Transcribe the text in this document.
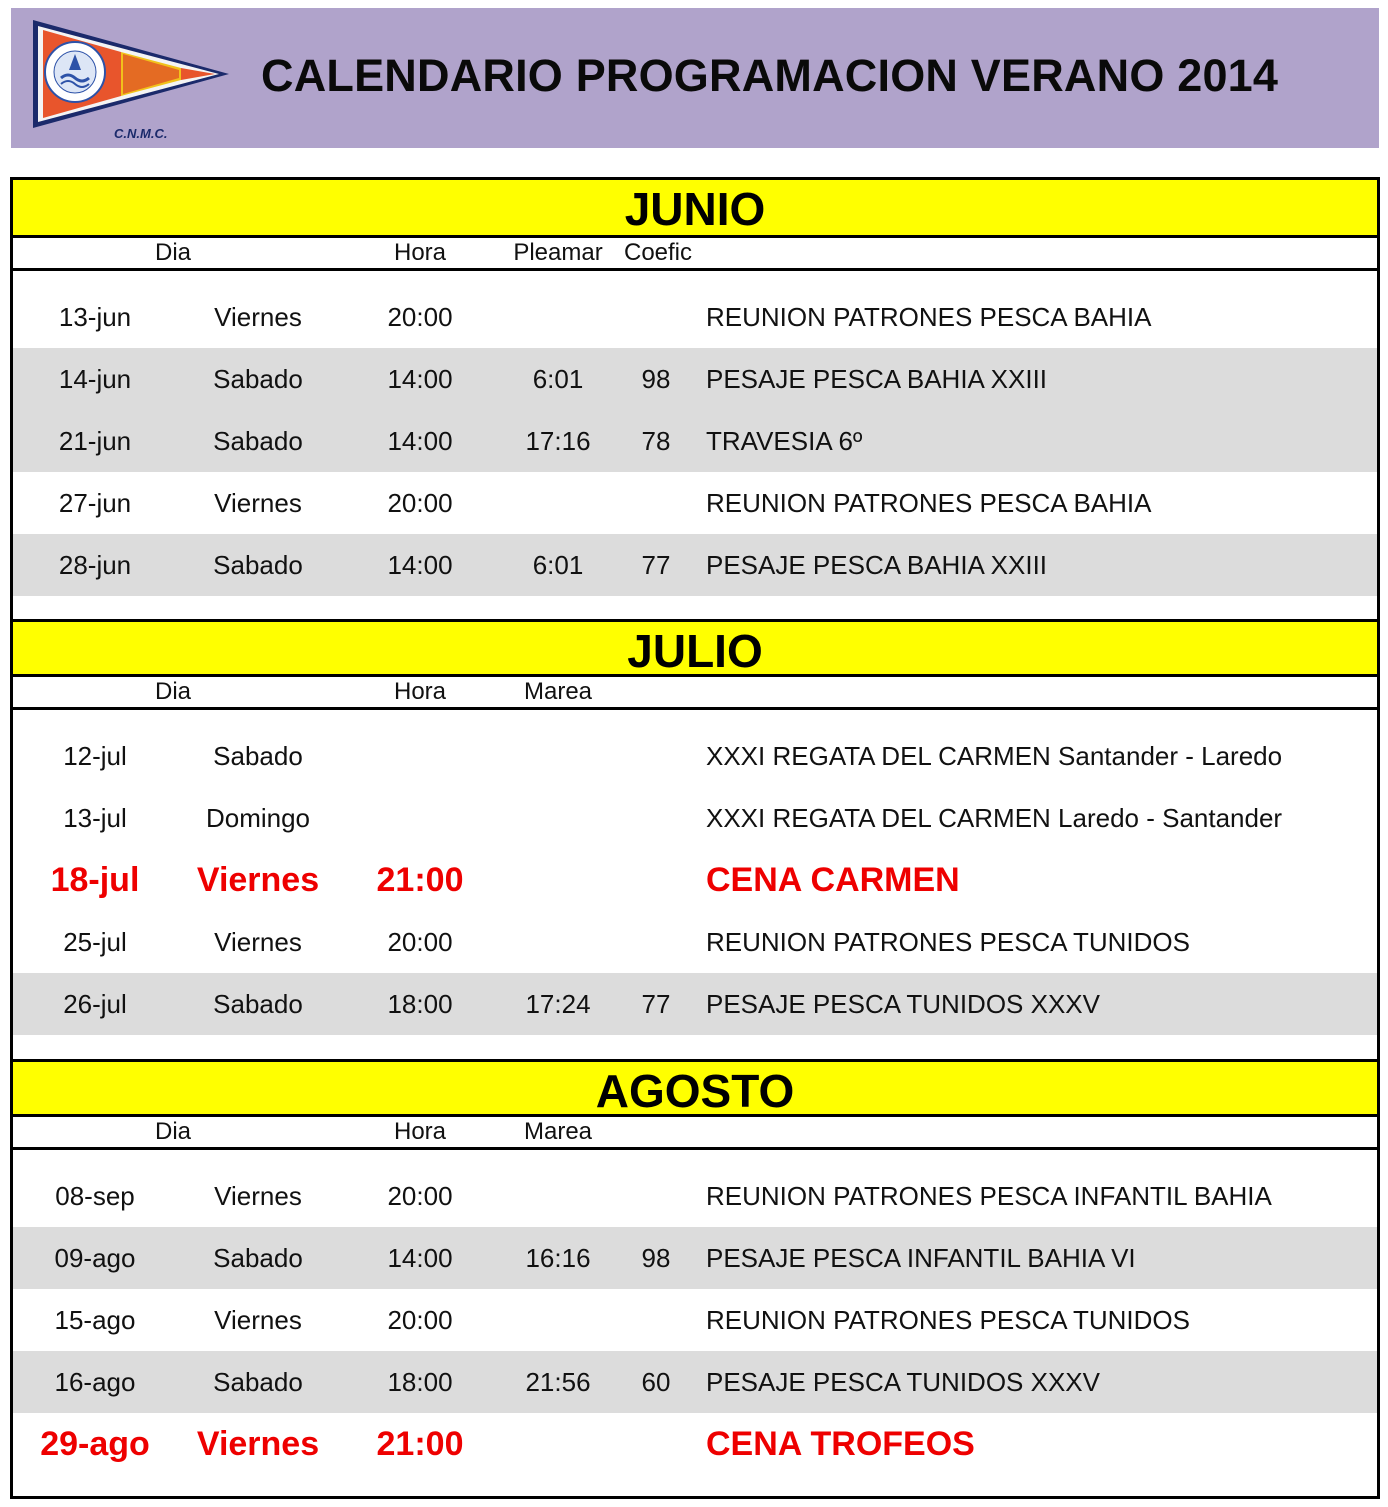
C.N.M.C.
CALENDARIO PROGRAMACION VERANO 2014
JUNIO
Dia	Hora	Pleamar Coefic
13-jun	Viernes	20:00	REUNION PATRONES PESCA BAHIA
14-jun	Sabado	14:00	6:01 98 PESAJE PESCA BAHIA XXIII
21-jun	Sabado	14:00	17:16 78 TRAVESIA 6º
27-jun	Viernes	20:00	REUNION PATRONES PESCA BAHIA
28-jun	Sabado	14:00	6:01 77 PESAJE PESCA BAHIA XXIII
JULIO
Dia	Hora	Marea
12-jul	Sabado	XXXI REGATA DEL CARMEN Santander - Laredo
13-jul	Domingo	XXXI REGATA DEL CARMEN Laredo - Santander
18-jul Viernes 21:00	CENA CARMEN
25-jul	Viernes	20:00	REUNION PATRONES PESCA TUNIDOS
26-jul	Sabado	18:00	17:24 77 PESAJE PESCA TUNIDOS XXXV
AGOSTO
Dia	Hora	Marea
08-sep	Viernes	20:00	REUNION PATRONES PESCA INFANTIL BAHIA
09-ago	Sabado	14:00	16:16 98 PESAJE PESCA INFANTIL BAHIA VI
15-ago	Viernes	20:00	REUNION PATRONES PESCA TUNIDOS
16-ago	Sabado	18:00	21:56 60 PESAJE PESCA TUNIDOS XXXV
29-ago Viernes 21:00	CENA TROFEOS
